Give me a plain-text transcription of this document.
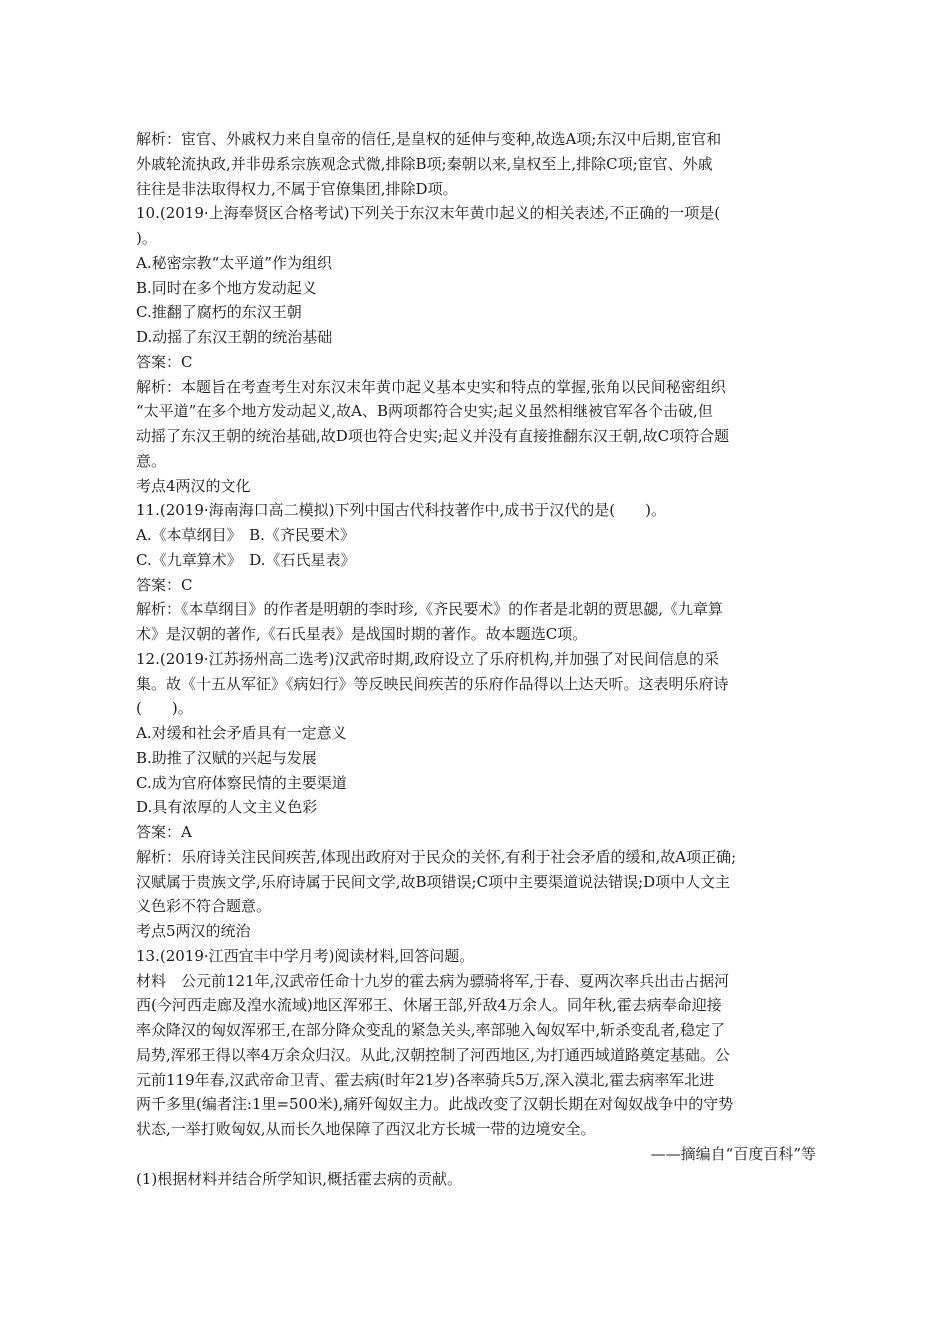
解析：宦官、外戚权力来自皇帝的信任,是皇权的延伸与变种,故选A项;东汉中后期,宦官和
外戚轮流执政,并非毋系宗族观念式微,排除B项;秦朝以来,皇权至上,排除C项;宦官、外戚
往往是非法取得权力,不属于官僚集团,排除D项。
10.(2019·上海奉贤区合格考试)下列关于东汉末年黄巾起义的相关表述,不正确的一项是(
)。
A.秘密宗教“太平道”作为组织
B.同时在多个地方发动起义
C.推翻了腐朽的东汉王朝
D.动摇了东汉王朝的统治基础
答案：C
解析：本题旨在考查考生对东汉末年黄巾起义基本史实和特点的掌握,张角以民间秘密组织
“太平道”在多个地方发动起义,故A、B两项都符合史实;起义虽然相继被官军各个击破,但
动摇了东汉王朝的统治基础,故D项也符合史实;起义并没有直接推翻东汉王朝,故C项符合题
意。
考点4两汉的文化
11.(2019·海南海口高二模拟)下列中国古代科技著作中,成书于汉代的是(　　)。
A.《本草纲目》　B.《齐民要术》
C.《九章算术》　D.《石氏星表》
答案：C
解析：《本草纲目》的作者是明朝的李时珍,《齐民要术》的作者是北朝的贾思勰,《九章算
术》是汉朝的著作,《石氏星表》是战国时期的著作。故本题选C项。
12.(2019·江苏扬州高二选考)汉武帝时期,政府设立了乐府机构,并加强了对民间信息的采
集。故《十五从军征》《病妇行》等反映民间疾苦的乐府作品得以上达天听。这表明乐府诗
(　　)。
A.对缓和社会矛盾具有一定意义
B.助推了汉赋的兴起与发展
C.成为官府体察民情的主要渠道
D.具有浓厚的人文主义色彩
答案：A
解析：乐府诗关注民间疾苦,体现出政府对于民众的关怀,有利于社会矛盾的缓和,故A项正确;
汉赋属于贵族文学,乐府诗属于民间文学,故B项错误;C项中主要渠道说法错误;D项中人文主
义色彩不符合题意。
考点5两汉的统治
13.(2019·江西宜丰中学月考)阅读材料,回答问题。
材料　公元前121年,汉武帝任命十九岁的霍去病为骠骑将军,于春、夏两次率兵出击占据河
西(今河西走廊及湟水流域)地区浑邪王、休屠王部,歼敌4万余人。同年秋,霍去病奉命迎接
率众降汉的匈奴浑邪王,在部分降众变乱的紧急关头,率部驰入匈奴军中,斩杀变乱者,稳定了
局势,浑邪王得以率4万余众归汉。从此,汉朝控制了河西地区,为打通西域道路奠定基础。公
元前119年春,汉武帝命卫青、霍去病(时年21岁)各率骑兵5万,深入漠北,霍去病率军北进
两千多里(编者注:1里=500米),痛歼匈奴主力。此战改变了汉朝长期在对匈奴战争中的守势
状态,一举打败匈奴,从而长久地保障了西汉北方长城一带的边境安全。
——摘编自“百度百科”等
(1)根据材料并结合所学知识,概括霍去病的贡献。
